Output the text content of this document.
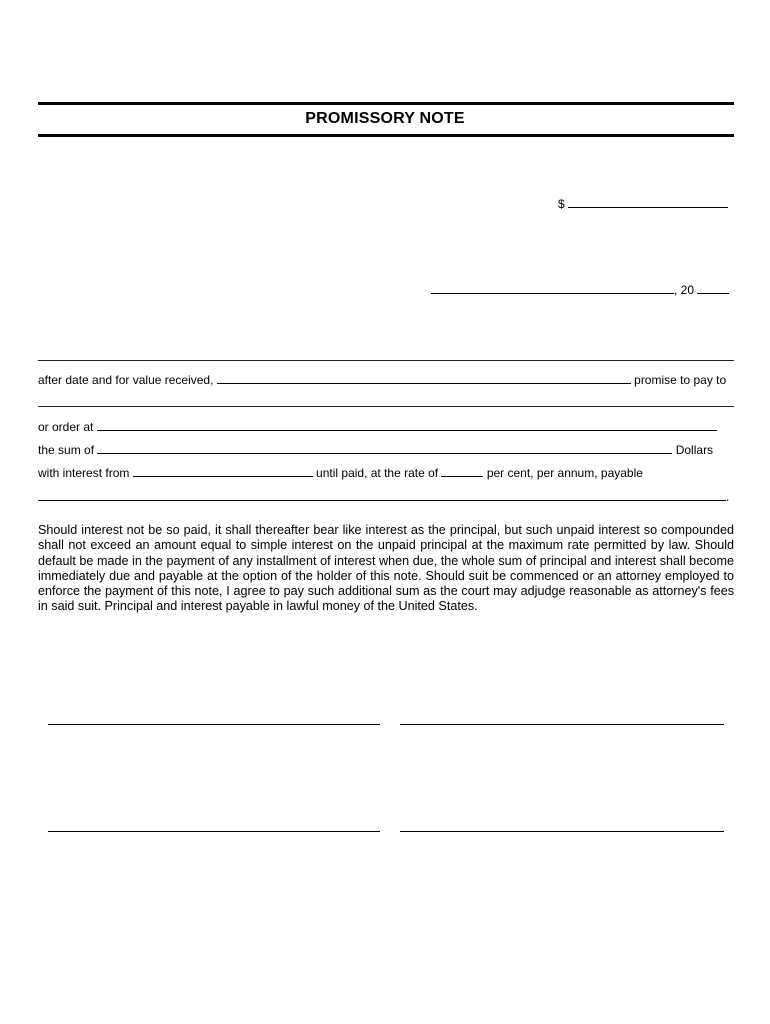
PROMISSORY NOTE
$
, 20
after date and for value received,	promise to pay to
or order at
the sum of	Dollars
with interest from	until paid, at the rate of	per cent, per annum, payable
.
Should interest not be so paid, it shall thereafter bear like interest as the principal, but such unpaid interest so compounded shall not exceed an amount equal to simple interest on the unpaid principal at the maximum rate permitted by law. Should default be made in the payment of any installment of interest when due, the whole sum of principal and interest shall become immediately due and payable at the option of the holder of this note. Should suit be commenced or an attorney employed to enforce the payment of this note, I agree to pay such additional sum as the court may adjudge reasonable as attorney's fees in said suit. Principal and interest payable in lawful money of the United States.
